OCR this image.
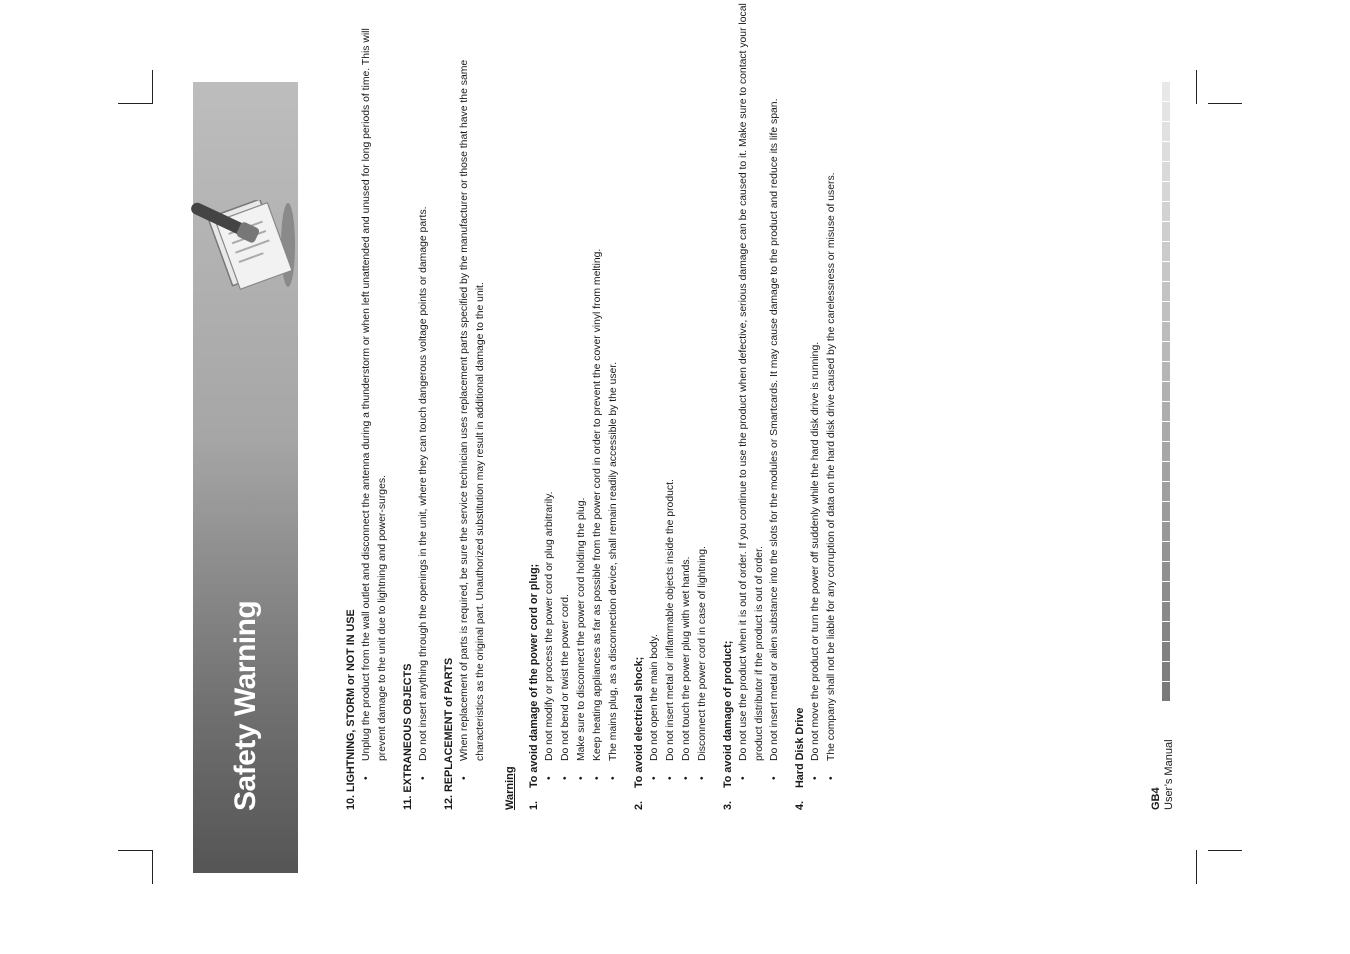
Safety Warning	10. LIGHTNING, STORM or NOT IN USE • Unplug the product from the wall outlet and disconnect the antenna during a thunderstorm or when left unattended and unused for long periods of time. This will prevent damage to the unit due to lightning and power-surges. 11. EXTRANEOUS OBJECTS • Do not insert anything through the openings in the unit, where they can touch dangerous voltage points or damage parts. 12. REPLACEMENT of PARTS • When replacement of parts is required, be sure the service technician uses replacement parts specified by the manufacturer or those that have the same characteristics as the original part. Unauthorized substitution may result in additional damage to the unit.
Warning 1.To avoid damage of the power cord or plug; • Do not modify or process the power cord or plug arbitrarily. • Do not bend or twist the power cord. • Make sure to disconnect the power cord holding the plug. • Keep heating appliances as far as possible from the power cord in order to prevent the cover vinyl from melting. • The mains plug, as a disconnection device, shall remain readily accessible by the user.
2.To avoid electrical shock; • Do not open the main body. • Do not insert metal or inflammable objects inside the product. • Do not touch the power plug with wet hands. • Disconnect the power cord in case of lightning.
3.To avoid damage of product; • Do not use the product when it is out of order. If you continue to use the product when defective, serious damage can be caused to it. Make sure to contact your local product distributor if the product is out of order. • Do not insert metal or alien substance into the slots for the modules or Smartcards. It may cause damage to the product and reduce its life span.
4.Hard Disk Drive • Do not move the product or turn the power off suddenly while the hard disk drive is running. • The company shall not be liable for any corruption of data on the hard disk drive caused by the carelessness or misuse of users.
GB4 User’s Manual
